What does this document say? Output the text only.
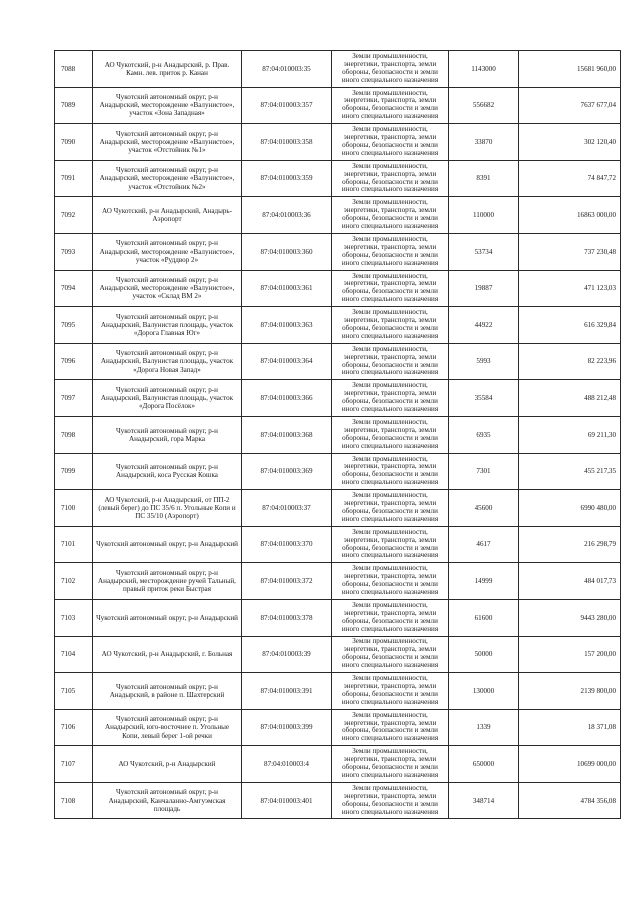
7088	АО Чукотский, р-н Анадырский, р. Прав. Камн. лев. приток р. Канан	87:04:010003:35	Земли промышленности, энергетики, транспорта, земли обороны, безопасности и земли иного специального назначения	1143000	15681 960,00
7089	Чукотский автономный округ, р-н Анадырский, месторождение «Валунистое», участок «Зона Западная»	87:04:010003:357	Земли промышленности, энергетики, транспорта, земли обороны, безопасности и земли иного специального назначения	556682	7637 677,04
7090	Чукотский автономный округ, р-н Анадырский, месторождение «Валунистое», участок «Отстойник №1»	87:04:010003:358	Земли промышленности, энергетики, транспорта, земли обороны, безопасности и земли иного специального назначения	33870	302 120,40
7091	Чукотский автономный округ, р-н Анадырский, месторождение «Валунистое», участок «Отстойник №2»	87:04:010003:359	Земли промышленности, энергетики, транспорта, земли обороны, безопасности и земли иного специального назначения	8391	74 847,72
7092	АО Чукотский, р-н Анадырский, Анадырь-Аэропорт	87:04:010003:36	Земли промышленности, энергетики, транспорта, земли обороны, безопасности и земли иного специального назначения	110000	16863 000,00
7093	Чукотский автономный округ, р-н Анадырский, месторождение «Валунистое», участок «Руддвор 2»	87:04:010003:360	Земли промышленности, энергетики, транспорта, земли обороны, безопасности и земли иного специального назначения	53734	737 230,48
7094	Чукотский автономный округ, р-н Анадырский, месторождение «Валунистое», участок «Склад ВМ 2»	87:04:010003:361	Земли промышленности, энергетики, транспорта, земли обороны, безопасности и земли иного специального назначения	19887	471 123,03
7095	Чукотский автономный округ, р-н Анадырский, Валунистая площадь, участок «Дорога Главная Юг»	87:04:010003:363	Земли промышленности, энергетики, транспорта, земли обороны, безопасности и земли иного специального назначения	44922	616 329,84
7096	Чукотский автономный округ, р-н Анадырский, Валунистая площадь, участок «Дорога Новая Запад»	87:04:010003:364	Земли промышленности, энергетики, транспорта, земли обороны, безопасности и земли иного специального назначения	5993	82 223,96
7097	Чукотский автономный округ, р-н Анадырский, Валунистая площадь, участок «Дорога Посёлок»	87:04:010003:366	Земли промышленности, энергетики, транспорта, земли обороны, безопасности и земли иного специального назначения	35584	488 212,48
7098	Чукотский автономный округ, р-н Анадырский, гора Марка	87:04:010003:368	Земли промышленности, энергетики, транспорта, земли обороны, безопасности и земли иного специального назначения	6935	69 211,30
7099	Чукотский автономный округ, р-н Анадырский, коса Русская Кошка	87:04:010003:369	Земли промышленности, энергетики, транспорта, земли обороны, безопасности и земли иного специального назначения	7301	455 217,35
7100	АО Чукотский, р-н Анадырский, от ПП-2 (левый берег) до ПС 35/6 п. Угольные Копи и ПС 35/10 (Аэропорт)	87:04:010003:37	Земли промышленности, энергетики, транспорта, земли обороны, безопасности и земли иного специального назначения	45600	6990 480,00
7101	Чукотский автономный округ, р-н Анадырский	87:04:010003:370	Земли промышленности, энергетики, транспорта, земли обороны, безопасности и земли иного специального назначения	4617	216 298,79
7102	Чукотский автономный округ, р-н Анадырский, месторождение ручей Тальный, правый приток реки Быстрая	87:04:010003:372	Земли промышленности, энергетики, транспорта, земли обороны, безопасности и земли иного специального назначения	14999	484 017,73
7103	Чукотский автономный округ, р-н Анадырский	87:04:010003:378	Земли промышленности, энергетики, транспорта, земли обороны, безопасности и земли иного специального назначения	61600	9443 280,00
7104	АО Чукотский, р-н Анадырский, г. Больная	87:04:010003:39	Земли промышленности, энергетики, транспорта, земли обороны, безопасности и земли иного специального назначения	50000	157 200,00
7105	Чукотский автономный округ, р-н Анадырский, в районе п. Шахтерский	87:04:010003:391	Земли промышленности, энергетики, транспорта, земли обороны, безопасности и земли иного специального назначения	130000	2139 800,00
7106	Чукотский автономный округ, р-н Анадырский, юго-восточнее п. Угольные Копи, левый берег 1-ой речки	87:04:010003:399	Земли промышленности, энергетики, транспорта, земли обороны, безопасности и земли иного специального назначения	1339	18 371,08
7107	АО Чукотский, р-н Анадырский	87:04:010003:4	Земли промышленности, энергетики, транспорта, земли обороны, безопасности и земли иного специального назначения	650000	10699 000,00
7108	Чукотский автономный округ, р-н Анадырский, Канчаланно-Амгуэмская площадь	87:04:010003:401	Земли промышленности, энергетики, транспорта, земли обороны, безопасности и земли иного специального назначения	348714	4784 356,08
